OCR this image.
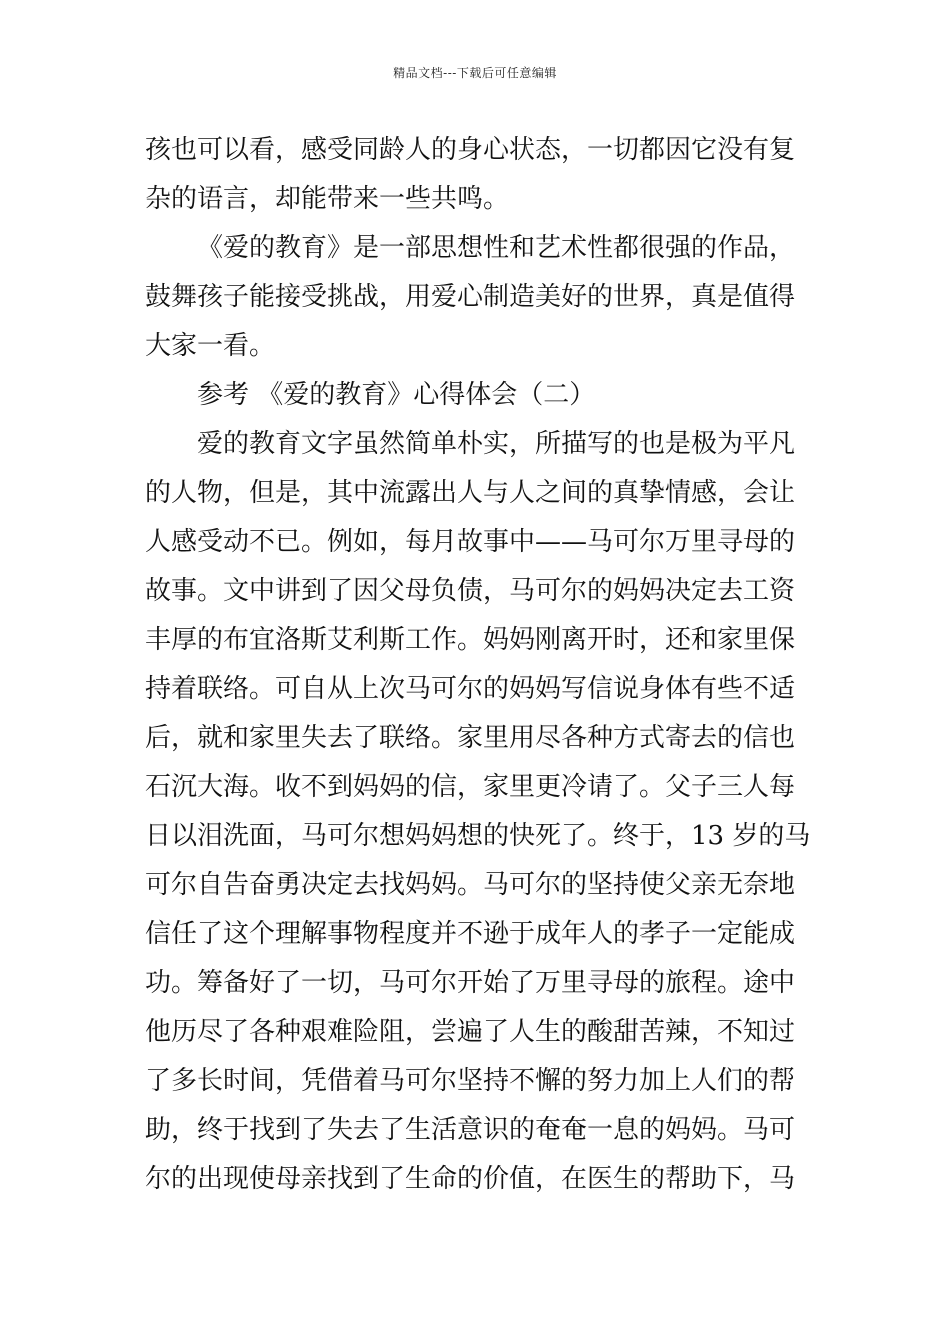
精品文档---下载后可任意编辑
孩也可以看，感受同龄人的身心状态，一切都因它没有复
杂的语言，却能带来一些共鸣。
《爱的教育》是一部思想性和艺术性都很强的作品，
鼓舞孩子能接受挑战，用爱心制造美好的世界，真是值得
大家一看。
参考 《爱的教育》心得体会（二）
爱的教育文字虽然简单朴实，所描写的也是极为平凡
的人物，但是，其中流露出人与人之间的真挚情感，会让
人感受动不已。例如，每月故事中——马可尔万里寻母的
故事。文中讲到了因父母负债，马可尔的妈妈决定去工资
丰厚的布宜洛斯艾利斯工作。妈妈刚离开时，还和家里保
持着联络。可自从上次马可尔的妈妈写信说身体有些不适
后，就和家里失去了联络。家里用尽各种方式寄去的信也
石沉大海。收不到妈妈的信，家里更冷请了。父子三人每
日以泪洗面，马可尔想妈妈想的快死了。终于，13 岁的马
可尔自告奋勇决定去找妈妈。马可尔的坚持使父亲无奈地
信任了这个理解事物程度并不逊于成年人的孝子一定能成
功。筹备好了一切，马可尔开始了万里寻母的旅程。途中
他历尽了各种艰难险阻，尝遍了人生的酸甜苦辣，不知过
了多长时间，凭借着马可尔坚持不懈的努力加上人们的帮
助，终于找到了失去了生活意识的奄奄一息的妈妈。马可
尔的出现使母亲找到了生命的价值，在医生的帮助下，马
